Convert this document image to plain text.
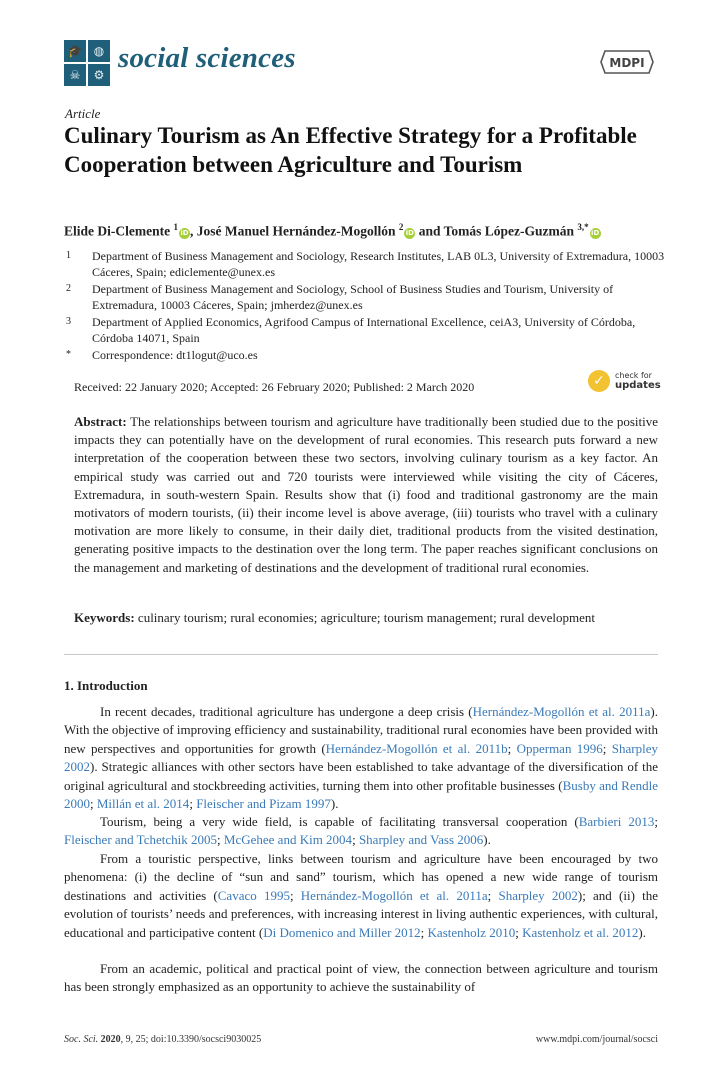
🎓 ◍
☠	⚙
social sciences	MDPI
Article
Culinary Tourism as An Effective Strategy for a Profitable Cooperation between Agriculture and Tourism
Elide Di-Clemente $^1$iD, José Manuel Hernández-Mogollón $^2$iD and Tomás López-Guzmán $^{3,*}$iD
1 Department of Business Management and Sociology, Research Institutes, LAB 0L3, University of Extremadura, 10003 Cáceres, Spain; ediclemente@unex.es
2 Department of Business Management and Sociology, School of Business Studies and Tourism, University of Extremadura, 10003 Cáceres, Spain; jmherdez@unex.es
3 Department of Applied Economics, Agrifood Campus of International Excellence, ceiA3, University of Córdoba, Córdoba 14071, Spain
* Correspondence: dt1logut@uco.es
Received: 22 January 2020; Accepted: 26 February 2020; Published: 2 March 2020	✓	check for
updates
Abstract: The relationships between tourism and agriculture have traditionally been studied due to the positive impacts they can potentially have on the development of rural economies. This research puts forward a new interpretation of the cooperation between these two sectors, involving culinary tourism as a key factor. An empirical study was carried out and 720 tourists were interviewed while visiting the city of Cáceres, Extremadura, in south-western Spain. Results show that (i) food and traditional gastronomy are the main motivators of modern tourists, (ii) their income level is above average, (iii) tourists who travel with a culinary motivation are more likely to consume, in their daily diet, traditional products from the visited destination, generating positive impacts to the destination over the long term. The paper reaches significant conclusions on the management and marketing of destinations and the development of traditional rural economies.
Keywords: culinary tourism; rural economies; agriculture; tourism management; rural development
1. Introduction
In recent decades, traditional agriculture has undergone a deep crisis (Hernández-Mogollón et al. 2011a). With the objective of improving efficiency and sustainability, traditional rural economies have been provided with new perspectives and opportunities for growth (Hernández-Mogollón et al. 2011b; Opperman 1996; Sharpley 2002). Strategic alliances with other sectors have been established to take advantage of the diversification of the original agricultural and stockbreeding activities, turning them into other profitable businesses (Busby and Rendle 2000; Millán et al. 2014; Fleischer and Pizam 1997).
Tourism, being a very wide field, is capable of facilitating transversal cooperation (Barbieri 2013; Fleischer and Tchetchik 2005; McGehee and Kim 2004; Sharpley and Vass 2006).
From a touristic perspective, links between tourism and agriculture have been encouraged by two phenomena: (i) the decline of “sun and sand” tourism, which has opened a new wide range of tourism destinations and activities (Cavaco 1995; Hernández-Mogollón et al. 2011a; Sharpley 2002); and (ii) the evolution of tourists’ needs and preferences, with increasing interest in living authentic experiences, with cultural, educational and participative content (Di Domenico and Miller 2012; Kastenholz 2010; Kastenholz et al. 2012).
From an academic, political and practical point of view, the connection between agriculture and tourism has been strongly emphasized as an opportunity to achieve the sustainability of
Soc. Sci. 2020, 9, 25; doi:10.3390/socsci9030025	www.mdpi.com/journal/socsci
